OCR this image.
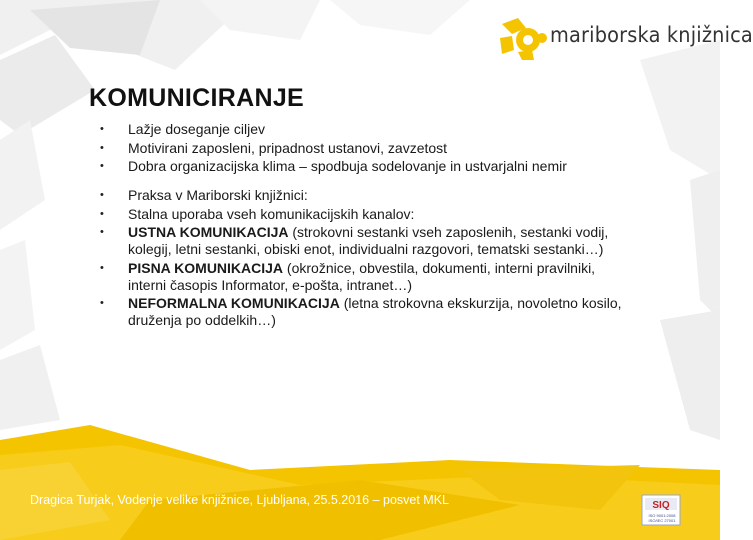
mariborska knjižnica
KOMUNICIRANJE
• Lažje doseganje ciljev
• Motivirani zaposleni, pripadnost ustanovi, zavzetost
• Dobra organizacijska klima – spodbuja sodelovanje in ustvarjalni nemir
• Praksa v Mariborski knjižnici:
• Stalna uporaba vseh komunikacijskih kanalov:
• USTNA KOMUNIKACIJA (strokovni sestanki vseh zaposlenih, sestanki vodij, kolegij, letni sestanki, obiski enot, individualni razgovori, tematski sestanki…)
• PISNA KOMUNIKACIJA (okrožnice, obvestila, dokumenti, interni pravilniki, interni časopis Informator, e-pošta, intranet…)
• NEFORMALNA KOMUNIKACIJA (letna strokovna ekskurzija, novoletno kosilo, druženja po oddelkih…)
Dragica Turjak, Vodenje velike knjižnice, Ljubljana, 25.5.2016 – posvet MKL	SIQ
ISO 9001:2008
ISO/IEC 27001
